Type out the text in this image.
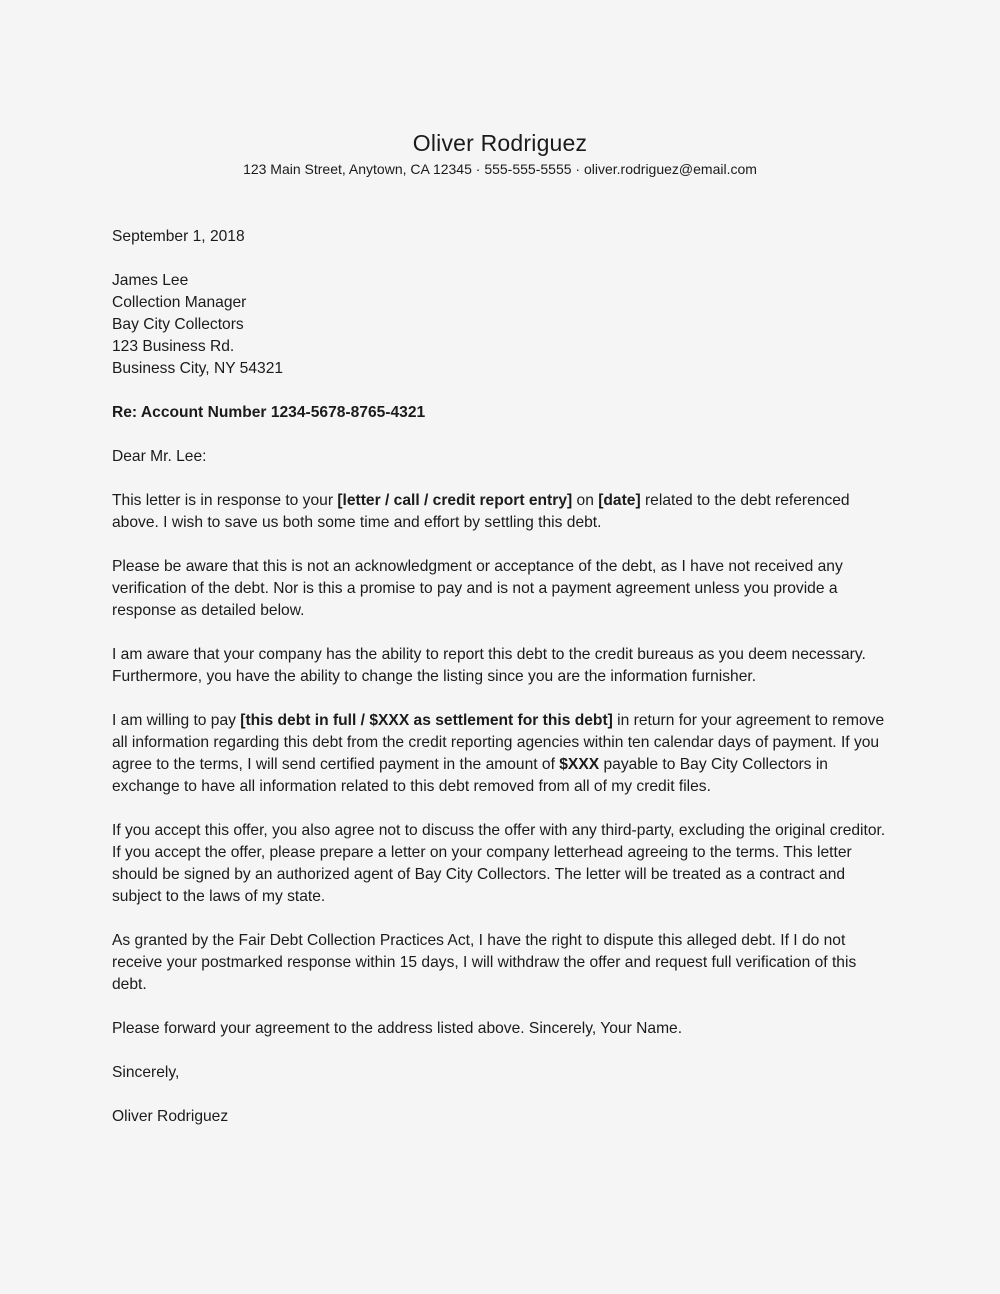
Oliver Rodriguez
123 Main Street, Anytown, CA 12345 · 555-555-5555 · oliver.rodriguez@email.com
September 1, 2018
James Lee
Collection Manager
Bay City Collectors
123 Business Rd.
Business City, NY 54321
Re: Account Number 1234-5678-8765-4321
Dear Mr. Lee:

This letter is in response to your [letter / call / credit report entry] on [date] related to the debt referenced above. I wish to save us both some time and effort by settling this debt.

Please be aware that this is not an acknowledgment or acceptance of the debt, as I have not received any verification of the debt. Nor is this a promise to pay and is not a payment agreement unless you provide a response as detailed below.

I am aware that your company has the ability to report this debt to the credit bureaus as you deem necessary. Furthermore, you have the ability to change the listing since you are the information furnisher.

I am willing to pay [this debt in full / $XXX as settlement for this debt] in return for your agreement to remove all information regarding this debt from the credit reporting agencies within ten calendar days of payment. If you agree to the terms, I will send certified payment in the amount of $XXX payable to Bay City Collectors in exchange to have all information related to this debt removed from all of my credit files.

If you accept this offer, you also agree not to discuss the offer with any third-party, excluding the original creditor. If you accept the offer, please prepare a letter on your company letterhead agreeing to the terms. This letter should be signed by an authorized agent of Bay City Collectors. The letter will be treated as a contract and subject to the laws of my state.

As granted by the Fair Debt Collection Practices Act, I have the right to dispute this alleged debt. If I do not receive your postmarked response within 15 days, I will withdraw the offer and request full verification of this debt.

Please forward your agreement to the address listed above. Sincerely, Your Name.

Sincerely,
Oliver Rodriguez
